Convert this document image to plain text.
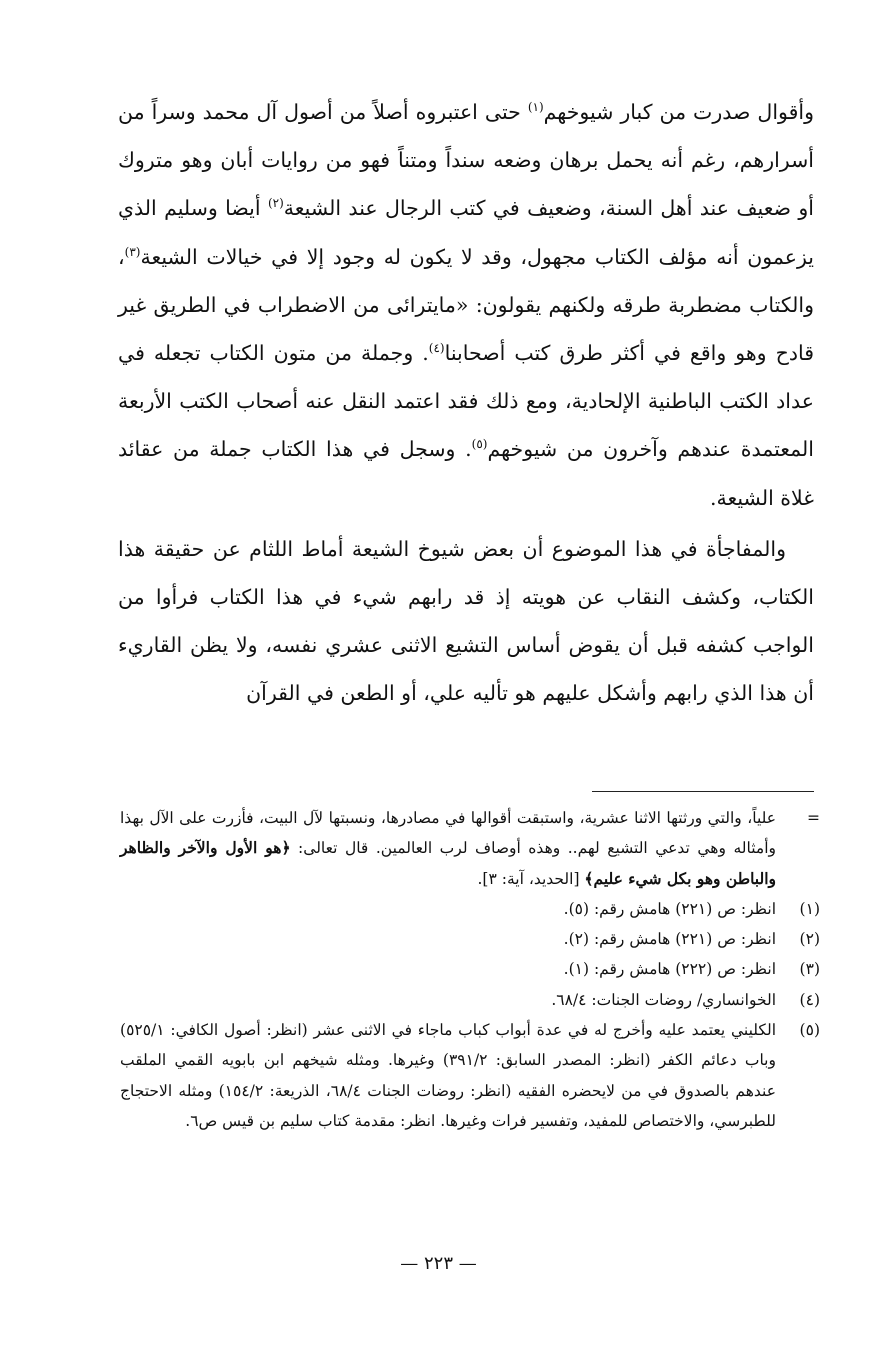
وأقوال صدرت من كبار شيوخهم$^{(١)}$ حتى اعتبروه أصلاً من أصول آل محمد وسراً من أسرارهم، رغم أنه يحمل برهان وضعه سنداً ومتناً فهو من روايات أبان وهو متروك أو ضعيف عند أهل السنة، وضعيف في كتب الرجال عند الشيعة$^{(٢)}$ أيضا وسليم الذي يزعمون أنه مؤلف الكتاب مجهول، وقد لا يكون له وجود إلا في خيالات الشيعة$^{(٣)}$، والكتاب مضطربة طرقه ولكنهم يقولون: «مايترائى من الاضطراب في الطريق غير قادح وهو واقع في أكثر طرق كتب أصحابنا$^{(٤)}$. وجملة من متون الكتاب تجعله في عداد الكتب الباطنية الإلحادية، ومع ذلك فقد اعتمد النقل عنه أصحاب الكتب الأربعة المعتمدة عندهم وآخرون من شيوخهم$^{(٥)}$. وسجل في هذا الكتاب جملة من عقائد غلاة الشيعة.

والمفاجأة في هذا الموضوع أن بعض شيوخ الشيعة أماط اللثام عن حقيقة هذا الكتاب، وكشف النقاب عن هويته إذ قد رابهم شيء في هذا الكتاب فرأوا من الواجب كشفه قبل أن يقوض أساس التشيع الاثنى عشري نفسه، ولا يظن القاريء أن هذا الذي رابهم وأشكل عليهم هو تأليه علي، أو الطعن في القرآن

=
علياً، والتي ورثتها الاثنا عشرية، واستبقت أقوالها في مصادرها، ونسبتها لآل البيت، فأزرت على الآل بهذا وأمثاله وهي تدعي التشيع لهم.. وهذه أوصاف لرب العالمين. قال تعالى: ﴿هو الأول والآخر والظاهر والباطن وهو بكل شيء عليم﴾ [الحديد، آية: ٣].
(١)
انظر: ص (٢٢١) هامش رقم: (٥).
(٢)
انظر: ص (٢٢١) هامش رقم: (٢).
(٣)
انظر: ص (٢٢٢) هامش رقم: (١).
(٤)
الخوانساري/ روضات الجنات: ٦٨/٤.
(٥)
الكليني يعتمد عليه وأخرج له في عدة أبواب كباب ماجاء في الاثنى عشر (انظر: أصول الكافي: ٥٢٥/١) وباب دعائم الكفر (انظر: المصدر السابق: ٣٩١/٢) وغيرها. ومثله شيخهم ابن بابويه القمي الملقب عندهم بالصدوق في من لايحضره الفقيه (انظر: روضات الجنات ٦٨/٤، الذريعة: ١٥٤/٢) ومثله الاحتجاج للطبرسي، والاختصاص للمفيد، وتفسير فرات وغيرها. انظر: مقدمة كتاب سليم بن قيس ص٦.
— ٢٢٣ —
